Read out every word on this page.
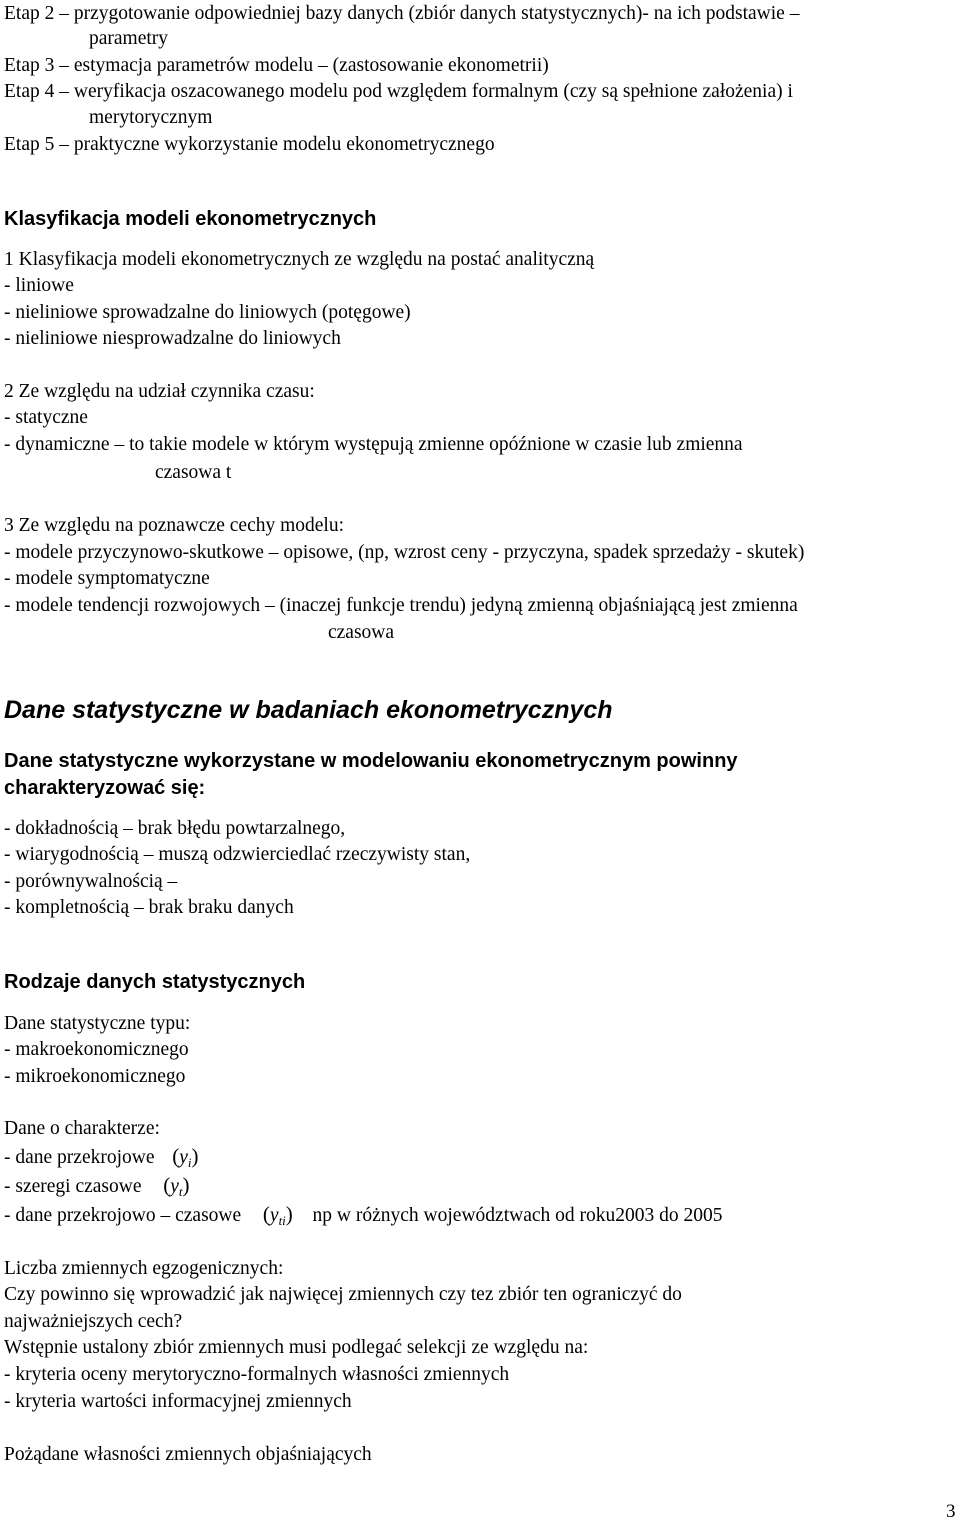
Etap 2 – przygotowanie odpowiedniej bazy danych (zbiór danych statystycznych)- na ich podstawie –
parametry
Etap 3 – estymacja parametrów modelu – (zastosowanie ekonometrii)
Etap 4 – weryfikacja oszacowanego modelu pod względem formalnym (czy są spełnione założenia) i
merytorycznym
Etap 5 – praktyczne wykorzystanie modelu ekonometrycznego
Klasyfikacja modeli ekonometrycznych
1 Klasyfikacja modeli ekonometrycznych ze względu na postać analityczną
- liniowe
- nieliniowe sprowadzalne do liniowych (potęgowe)
- nieliniowe niesprowadzalne do liniowych
2 Ze względu na udział czynnika czasu:
- statyczne
- dynamiczne – to takie modele w którym występują zmienne opóźnione w czasie lub zmienna
czasowa t
3 Ze względu na poznawcze cechy modelu:
- modele przyczynowo-skutkowe – opisowe, (np, wzrost ceny - przyczyna, spadek sprzedaży - skutek)
- modele symptomatyczne
- modele tendencji rozwojowych – (inaczej funkcje trendu) jedyną zmienną objaśniającą jest zmienna
czasowa
Dane statystyczne w badaniach ekonometrycznych
Dane statystyczne wykorzystane w modelowaniu ekonometrycznym powinny
charakteryzować się:
- dokładnością – brak błędu powtarzalnego,
- wiarygodnością – muszą odzwierciedlać rzeczywisty stan,
- porównywalnością –
- kompletnością – brak braku danych
Rodzaje danych statystycznych
Dane statystyczne typu:
- makroekonomicznego
- mikroekonomicznego
Dane o charakterze:
- dane przekrojowe $(y_i)$
- szeregi czasowe $(y_t)$
- dane przekrojowo – czasowe $(y_{ti})$ np w różnych województwach od roku2003 do 2005
Liczba zmiennych egzogenicznych:
Czy powinno się wprowadzić jak najwięcej zmiennych czy tez zbiór ten ograniczyć do
najważniejszych cech?
Wstępnie ustalony zbiór zmiennych musi podlegać selekcji ze względu na:
- kryteria oceny merytoryczno-formalnych własności zmiennych
- kryteria wartości informacyjnej zmiennych
Pożądane własności zmiennych objaśniających
3
